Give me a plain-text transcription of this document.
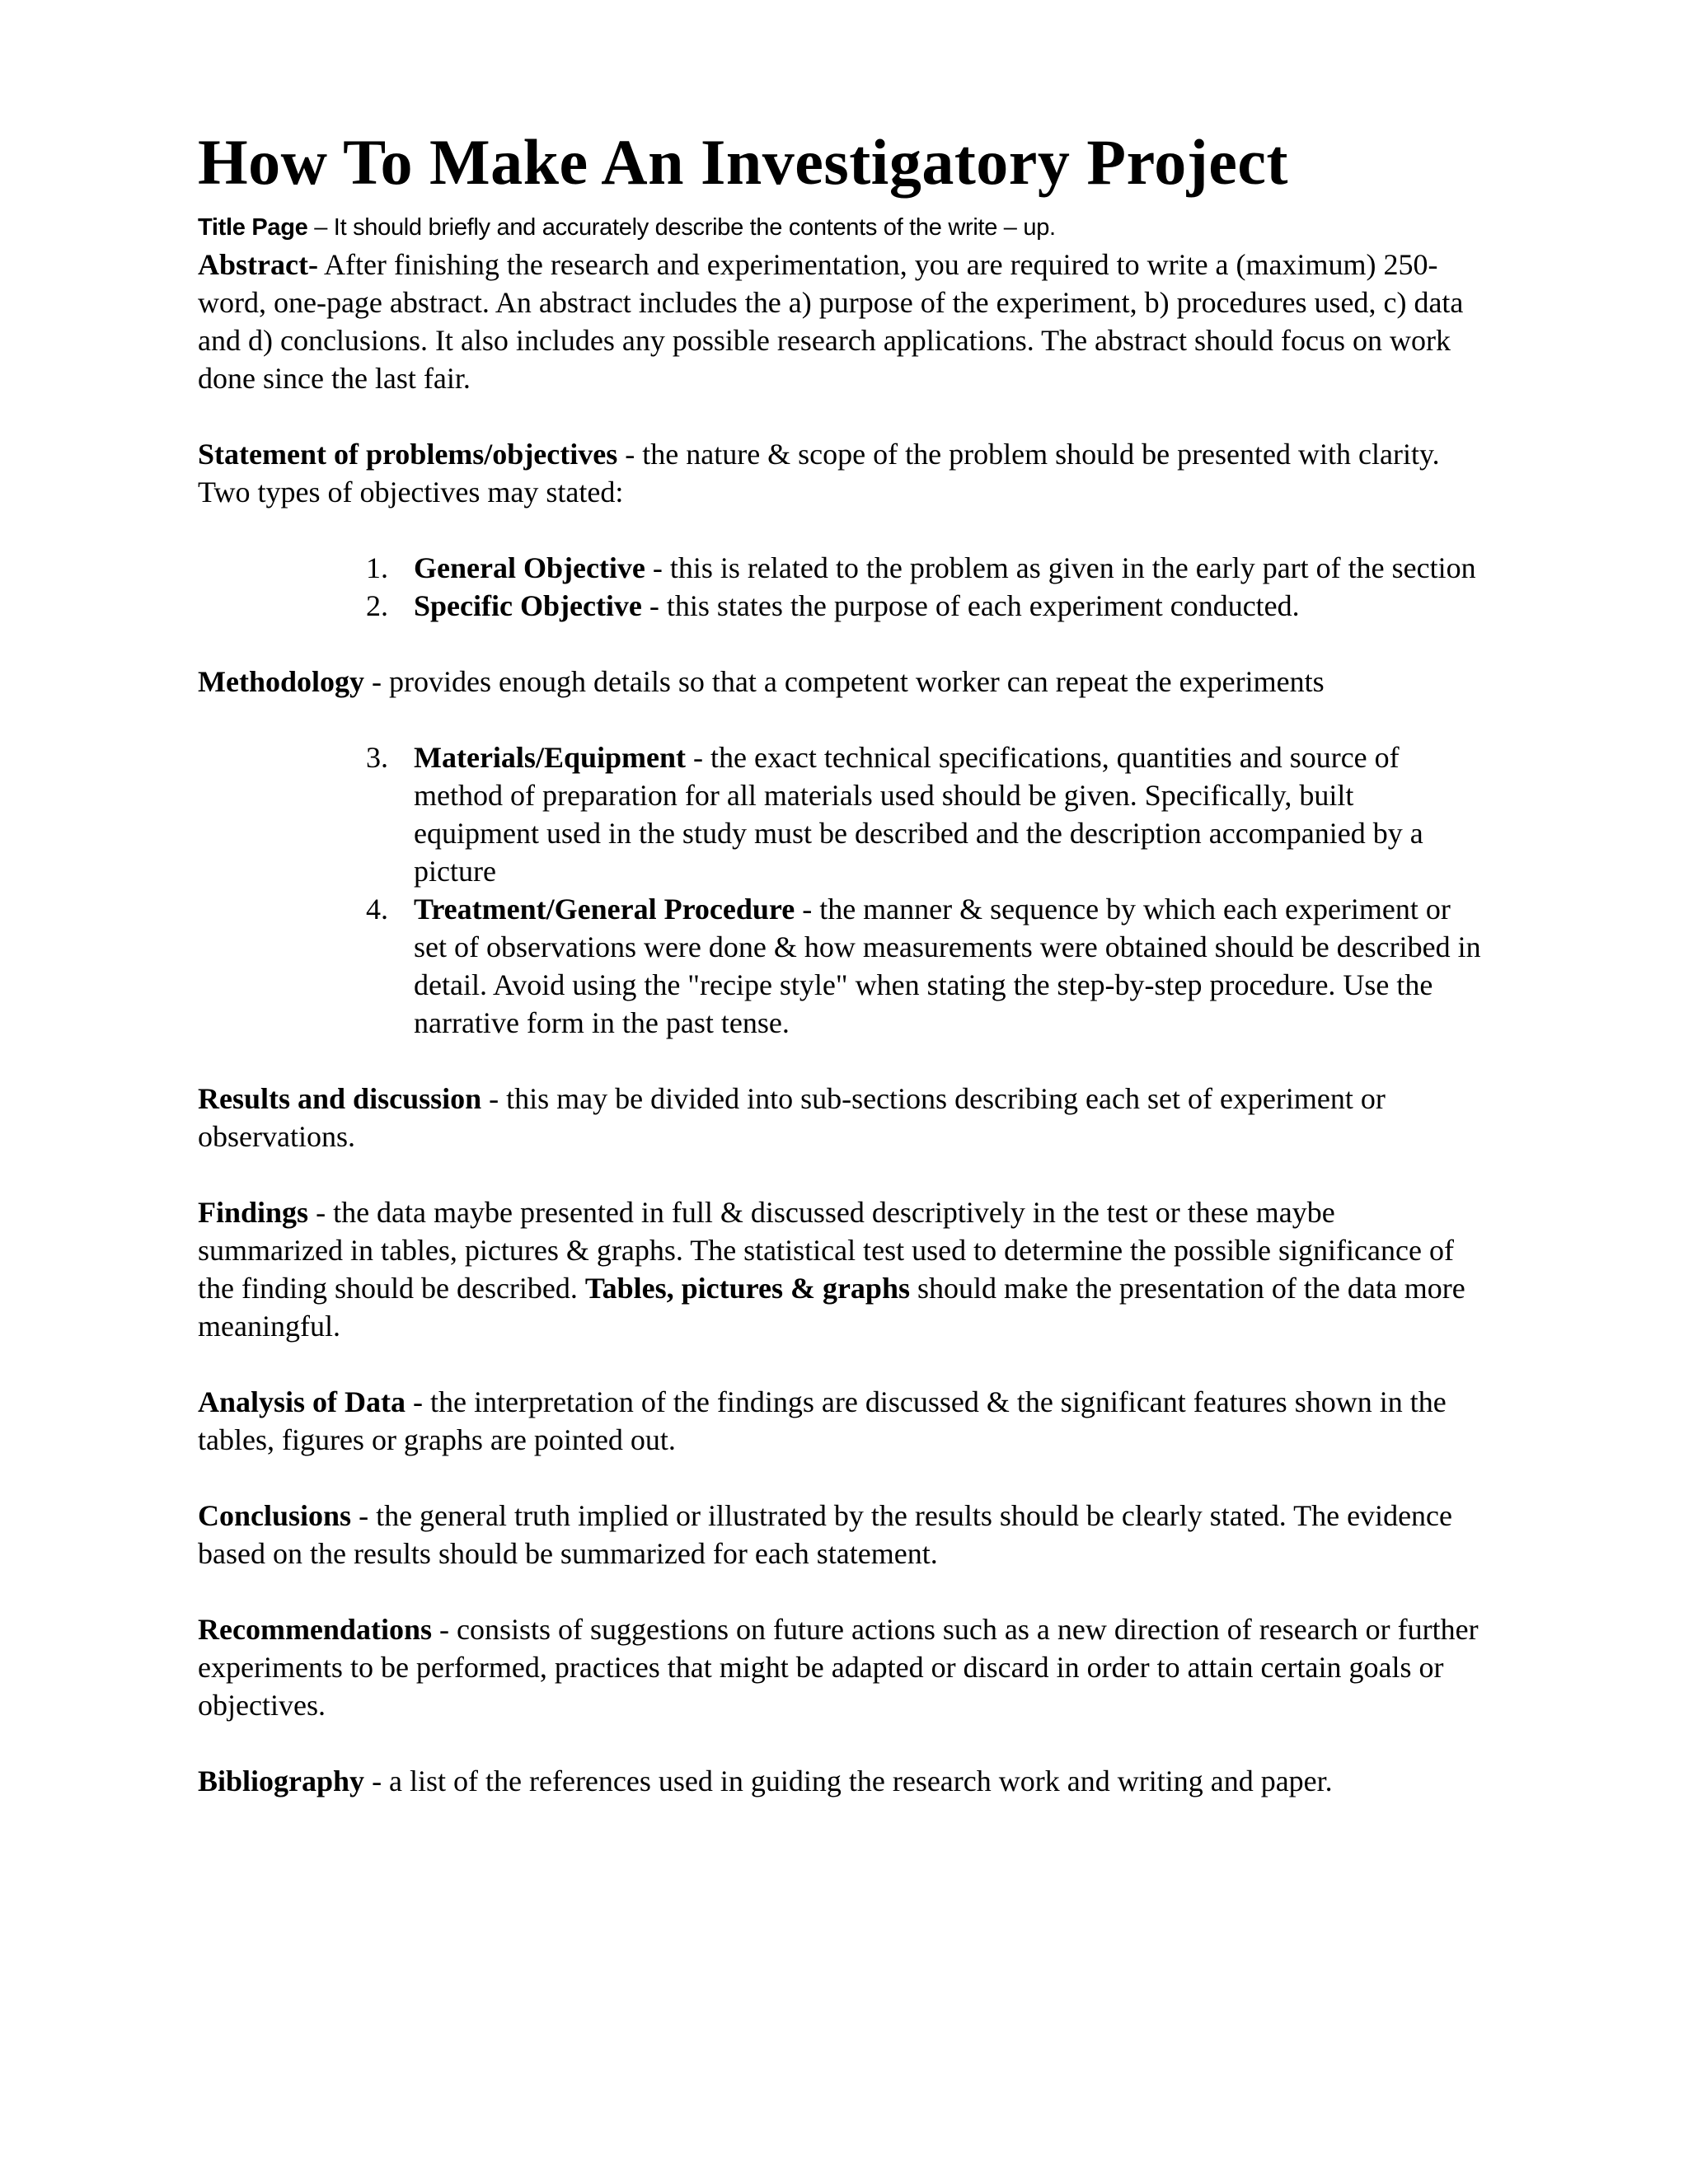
How To Make An Investigatory Project

Title Page – It should briefly and accurately describe the contents of the write – up.

Abstract- After finishing the research and experimentation, you are required to write a (maximum) 250-word, one-page abstract. An abstract includes the a) purpose of the experiment, b) procedures used, c) data and d) conclusions. It also includes any possible research applications. The abstract should focus on work done since the last fair.

Statement of problems/objectives - the nature & scope of the problem should be presented with clarity. Two types of objectives may stated:

1. General Objective - this is related to the problem as given in the early part of the section
2. Specific Objective - this states the purpose of each experiment conducted.

Methodology - provides enough details so that a competent worker can repeat the experiments

3. Materials/Equipment - the exact technical specifications, quantities and source of method of preparation for all materials used should be given. Specifically, built equipment used in the study must be described and the description accompanied by a picture
4. Treatment/General Procedure - the manner & sequence by which each experiment or set of observations were done & how measurements were obtained should be described in detail. Avoid using the "recipe style" when stating the step-by-step procedure. Use the narrative form in the past tense.

Results and discussion - this may be divided into sub-sections describing each set of experiment or observations.

Findings - the data maybe presented in full & discussed descriptively in the test or these maybe summarized in tables, pictures & graphs. The statistical test used to determine the possible significance of the finding should be described. Tables, pictures & graphs should make the presentation of the data more meaningful.

Analysis of Data - the interpretation of the findings are discussed & the significant features shown in the tables, figures or graphs are pointed out.

Conclusions - the general truth implied or illustrated by the results should be clearly stated. The evidence based on the results should be summarized for each statement.

Recommendations - consists of suggestions on future actions such as a new direction of research or further experiments to be performed, practices that might be adapted or discard in order to attain certain goals or objectives.

Bibliography - a list of the references used in guiding the research work and writing and paper.
